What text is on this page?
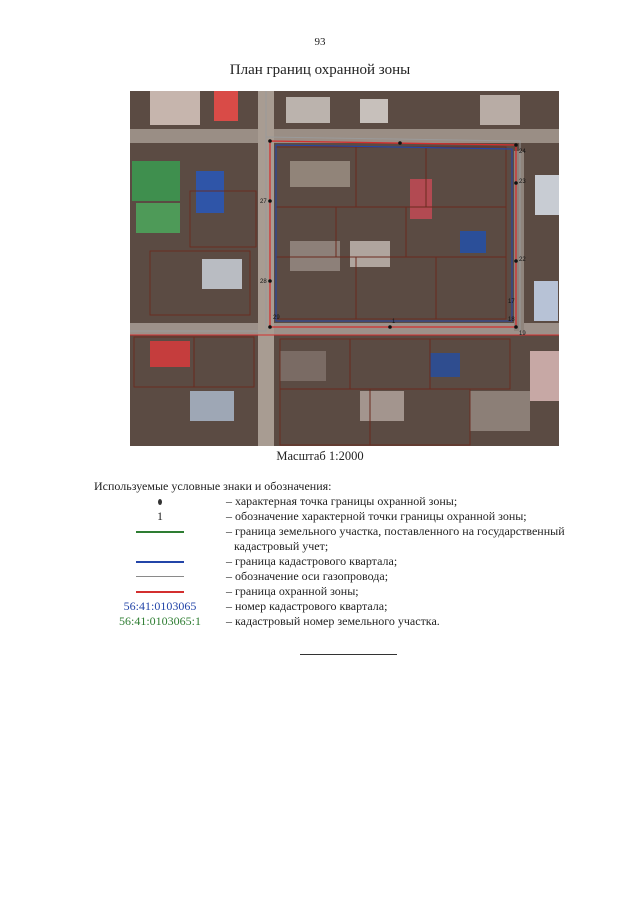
93
План границ охранной зоны
27
28
29
1
17
18
19
22
23
24
Масштаб 1:2000
Используемые условные знаки и обозначения:
– характерная точка границы охранной зоны;
1	– обозначение характерной точки границы охранной зоны;
– граница земельного участка, поставленного на государственный
кадастровый учет;
– граница кадастрового квартала;
– обозначение оси газопровода;
– граница охранной зоны;
56:41:0103065 – номер кадастрового квартала;
56:41:0103065:1 – кадастровый номер земельного участка.
